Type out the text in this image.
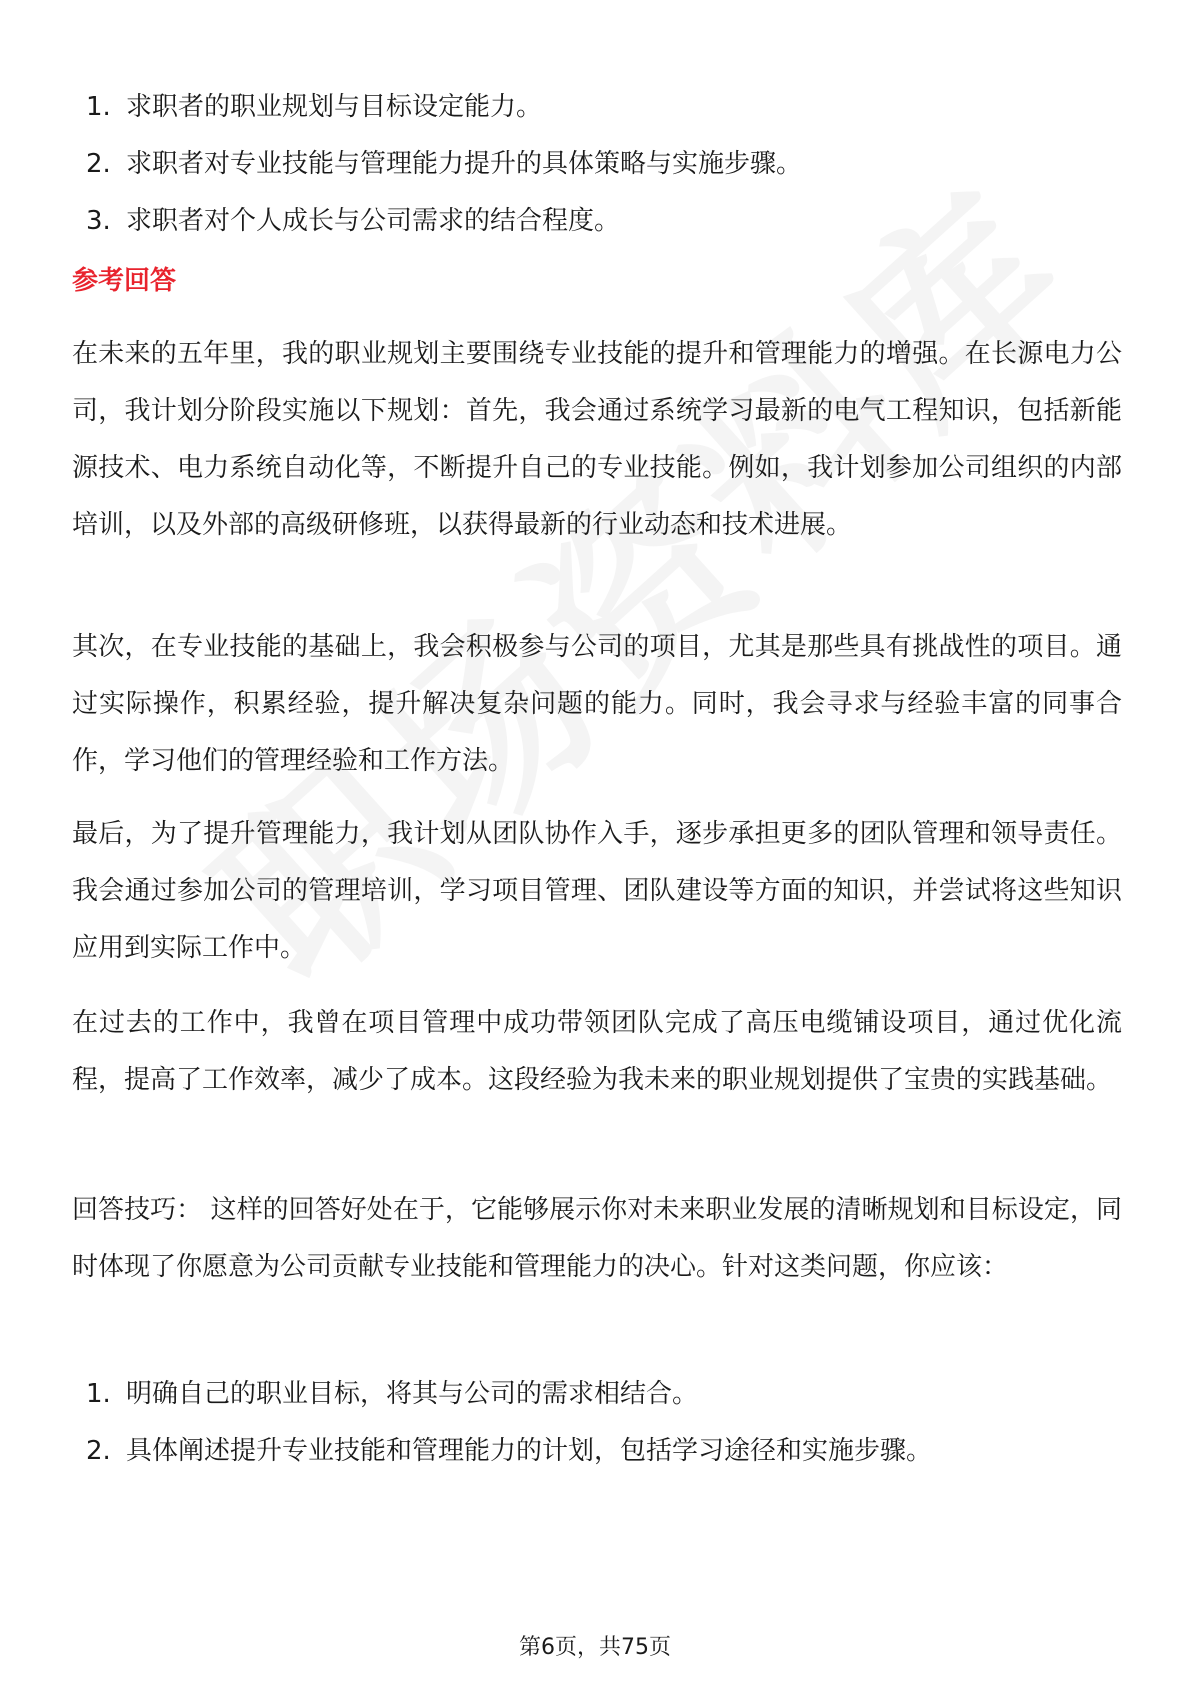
1. 求职者的职业规划与目标设定能力。
2. 求职者对专业技能与管理能力提升的具体策略与实施步骤。
3. 求职者对个人成长与公司需求的结合程度。
参考回答

在未来的五年里，我的职业规划主要围绕专业技能的提升和管理能力的增强。在长源电力公司，我计划分阶段实施以下规划：首先，我会通过系统学习最新的电气工程知识，包括新能源技术、电力系统自动化等，不断提升自己的专业技能。例如，我计划参加公司组织的内部培训，以及外部的高级研修班，以获得最新的行业动态和技术进展。

其次，在专业技能的基础上，我会积极参与公司的项目，尤其是那些具有挑战性的项目。通过实际操作，积累经验，提升解决复杂问题的能力。同时，我会寻求与经验丰富的同事合作，学习他们的管理经验和工作方法。

最后，为了提升管理能力，我计划从团队协作入手，逐步承担更多的团队管理和领导责任。我会通过参加公司的管理培训，学习项目管理、团队建设等方面的知识，并尝试将这些知识应用到实际工作中。

在过去的工作中，我曾在项目管理中成功带领团队完成了高压电缆铺设项目，通过优化流程，提高了工作效率，减少了成本。这段经验为我未来的职业规划提供了宝贵的实践基础。

回答技巧： 这样的回答好处在于，它能够展示你对未来职业发展的清晰规划和目标设定，同时体现了你愿意为公司贡献专业技能和管理能力的决心。针对这类问题，你应该：

1. 明确自己的职业目标，将其与公司的需求相结合。
2. 具体阐述提升专业技能和管理能力的计划，包括学习途径和实施步骤。
第6页，共75页
